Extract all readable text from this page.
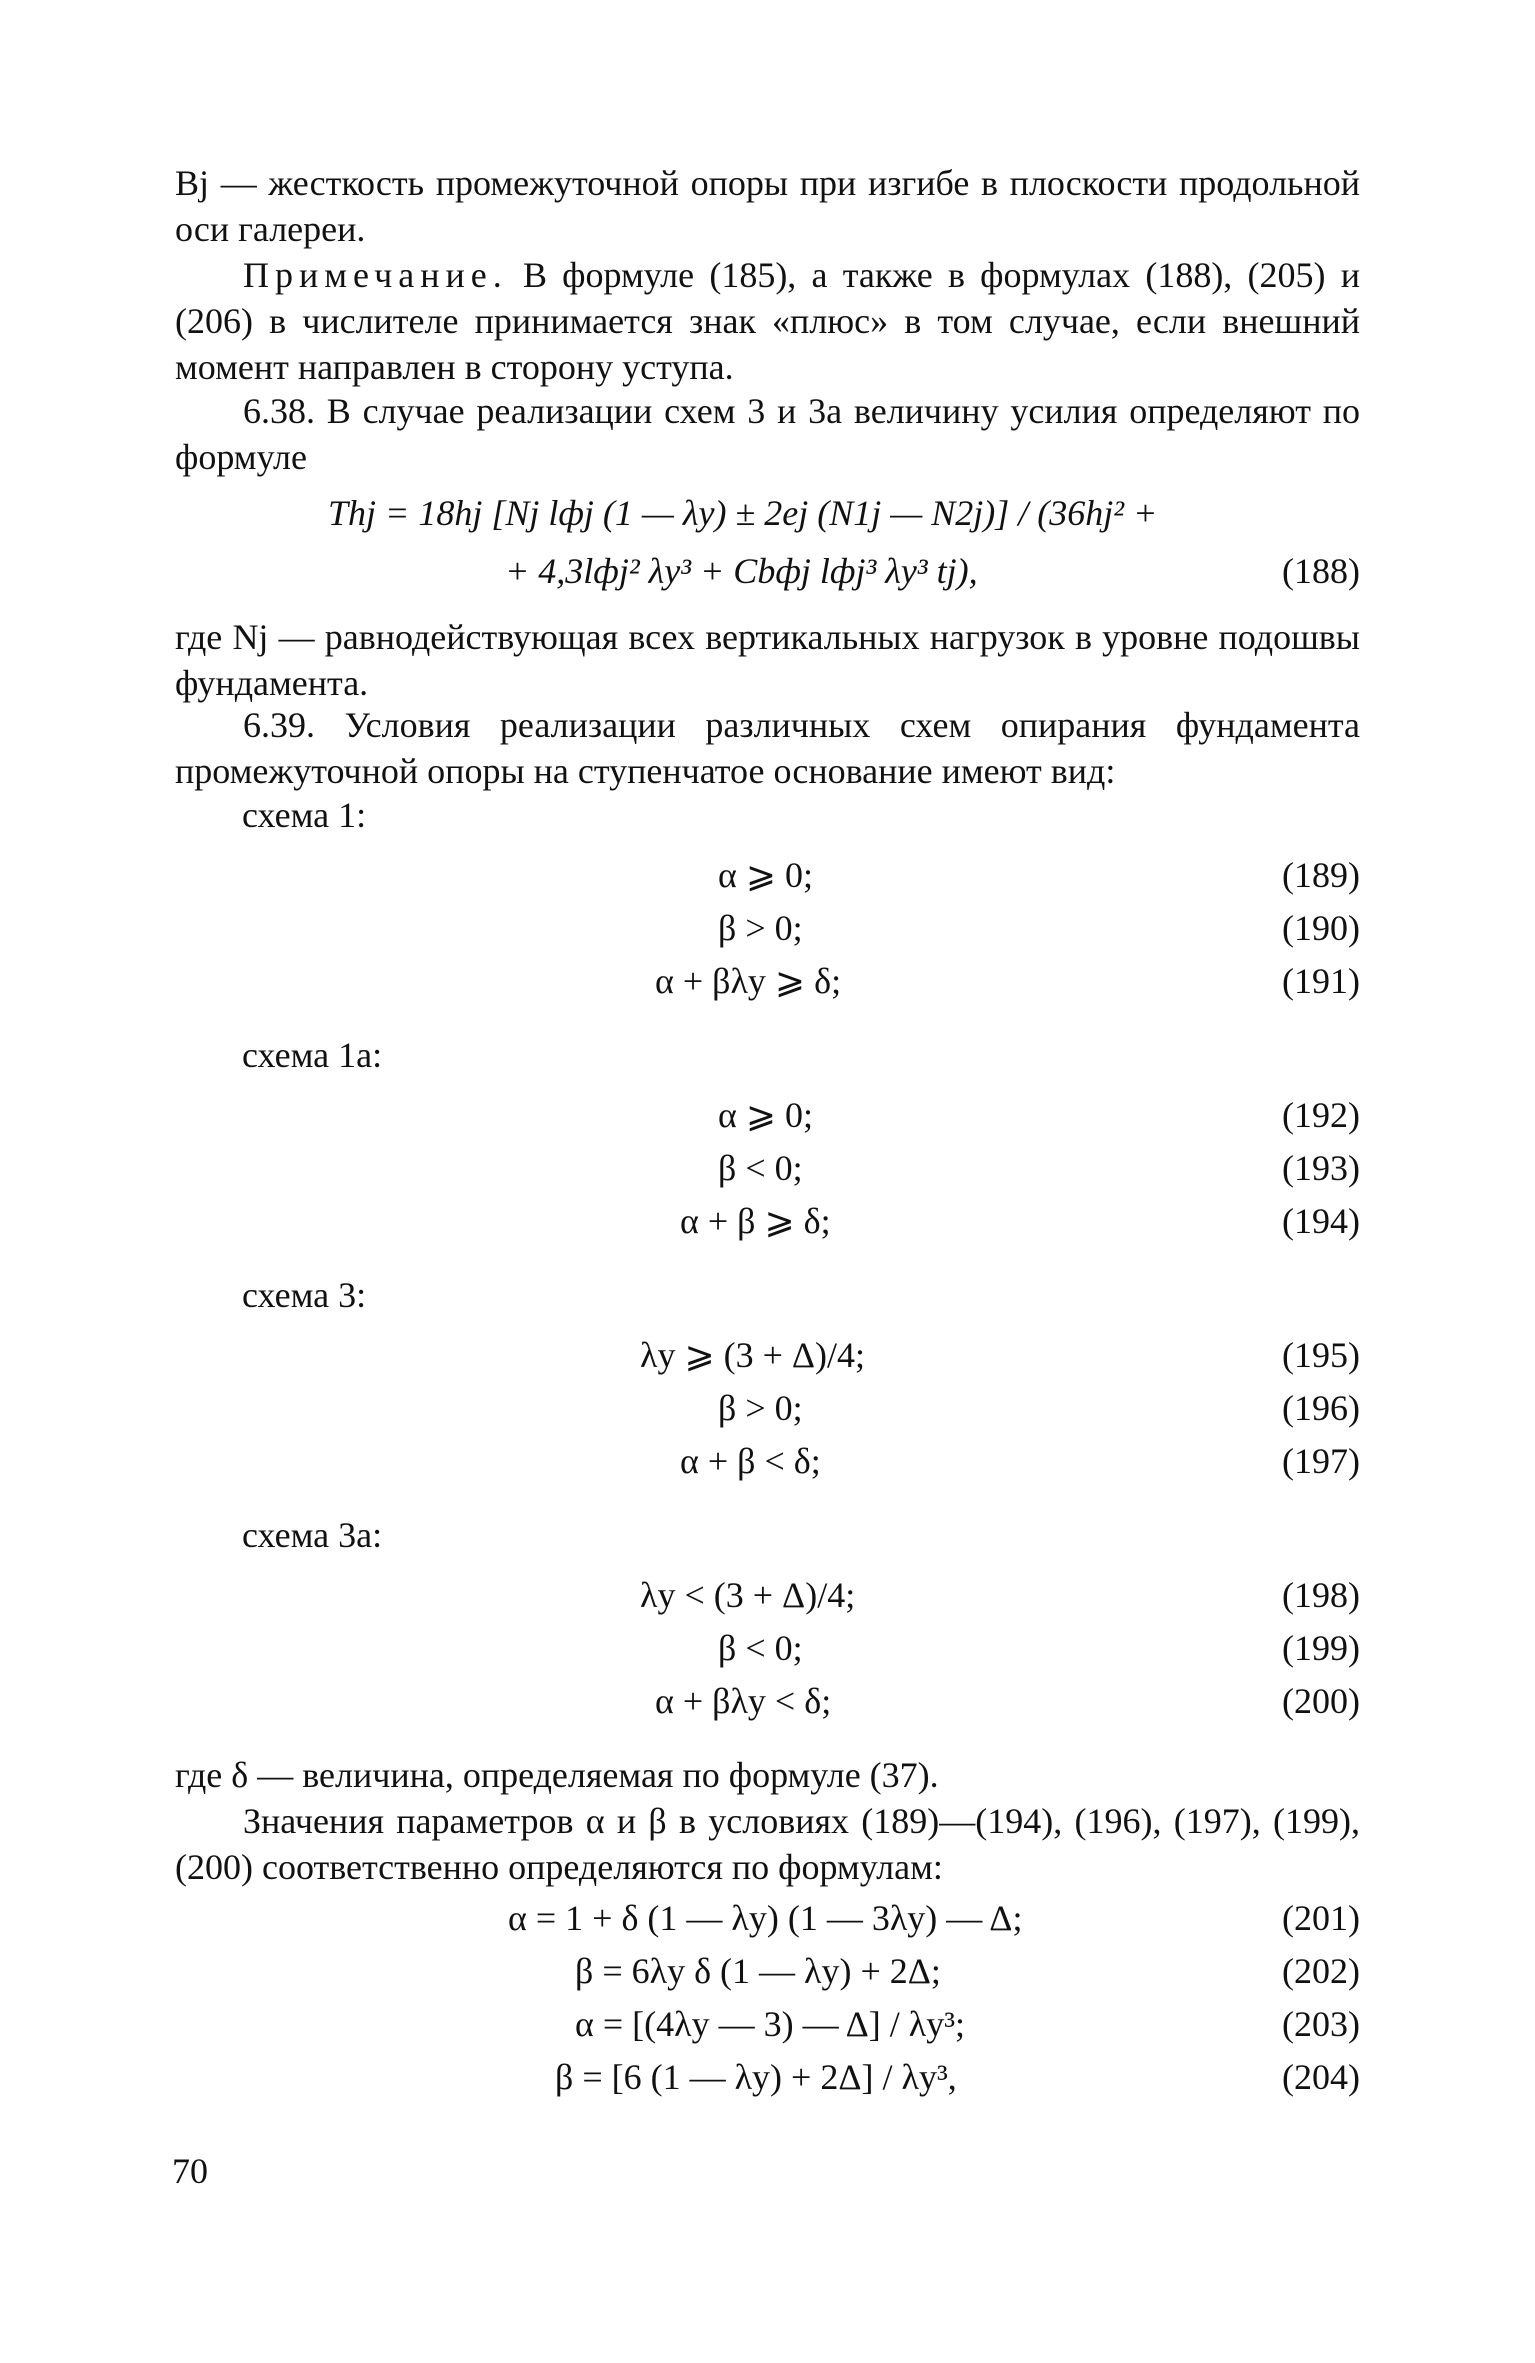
Bj — жесткость промежуточной опоры при изгибе в плоскости продольной оси галереи.
Примечание. В формуле (185), а также в формулах (188), (205) и (206) в числителе принимается знак «плюс» в том случае, если внешний момент направлен в сторону уступа.
6.38. В случае реализации схем 3 и 3а величину усилия определяют по формуле
Thj = 18hj [Nj lфj (1 — λy) ± 2ej (N1j — N2j)] / (36hj² +
+ 4,3lфj² λy³ + Cbфj lфj³ λy³ tj),	(188)
где Nj — равнодействующая всех вертикальных нагрузок в уровне подошвы фундамента.
6.39. Условия реализации различных схем опирания фундамента промежуточной опоры на ступенчатое основание имеют вид:
схема 1:
α ⩾ 0;	(189)
β > 0;	(190)
α + βλy ⩾ δ;	(191)
схема 1а:
α ⩾ 0;	(192)
β < 0;	(193)
α + β ⩾ δ;	(194)
схема 3:
λy ⩾ (3 + Δ)/4;	(195)
β > 0;	(196)
α + β < δ;	(197)
схема 3а:
λy < (3 + Δ)/4;	(198)
β < 0;	(199)
α + βλy < δ;	(200)
где δ — величина, определяемая по формуле (37).
Значения параметров α и β в условиях (189)—(194), (196), (197), (199), (200) соответственно определяются по формулам:
α = 1 + δ (1 — λy) (1 — 3λy) — Δ;	(201)
β = 6λy δ (1 — λy) + 2Δ;	(202)
α = [(4λy — 3) — Δ] / λy³;	(203)
β = [6 (1 — λy) + 2Δ] / λy³,	(204)
70
